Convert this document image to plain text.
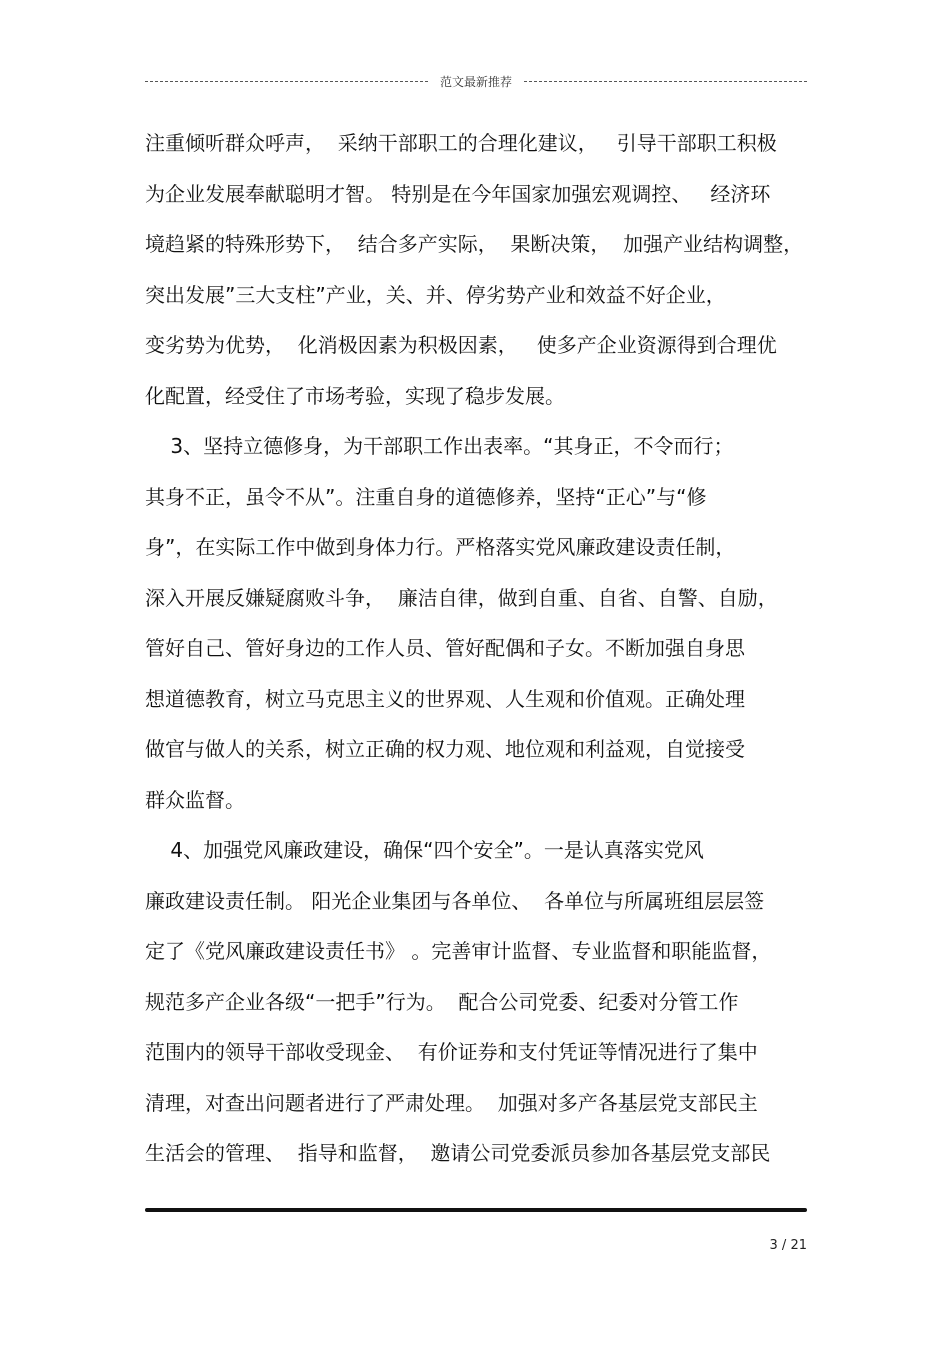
范文最新推荐
注重倾听群众呼声，  采纳干部职工的合理化建议，   引导干部职工积极
为企业发展奉献聪明才智。 特别是在今年国家加强宏观调控、   经济环
境趋紧的特殊形势下，  结合多产实际，  果断决策，  加强产业结构调整，
突出发展”三大支柱”产业，关、并、停劣势产业和效益不好企业，
变劣势为优势，  化消极因素为积极因素，   使多产企业资源得到合理优
化配置，经受住了市场考验，实现了稳步发展。
3、坚持立德修身，为干部职工作出表率。“其身正，不令而行；
其身不正，虽令不从”。注重自身的道德修养，坚持“正心”与“修
身”，在实际工作中做到身体力行。严格落实党风廉政建设责任制，
深入开展反嫌疑腐败斗争，  廉洁自律，做到自重、自省、自警、自励，
管好自己、管好身边的工作人员、管好配偶和子女。不断加强自身思
想道德教育，树立马克思主义的世界观、人生观和价值观。正确处理
做官与做人的关系，树立正确的权力观、地位观和利益观，自觉接受
群众监督。
4、加强党风廉政建设，确保“四个安全”。一是认真落实党风
廉政建设责任制。 阳光企业集团与各单位、  各单位与所属班组层层签
定了《党风廉政建设责任书》 。完善审计监督、专业监督和职能监督，
规范多产企业各级“一把手”行为。  配合公司党委、纪委对分管工作
范围内的领导干部收受现金、  有价证券和支付凭证等情况进行了集中
清理，对查出问题者进行了严肃处理。  加强对多产各基层党支部民主
生活会的管理、  指导和监督，  邀请公司党委派员参加各基层党支部民
3 / 21
